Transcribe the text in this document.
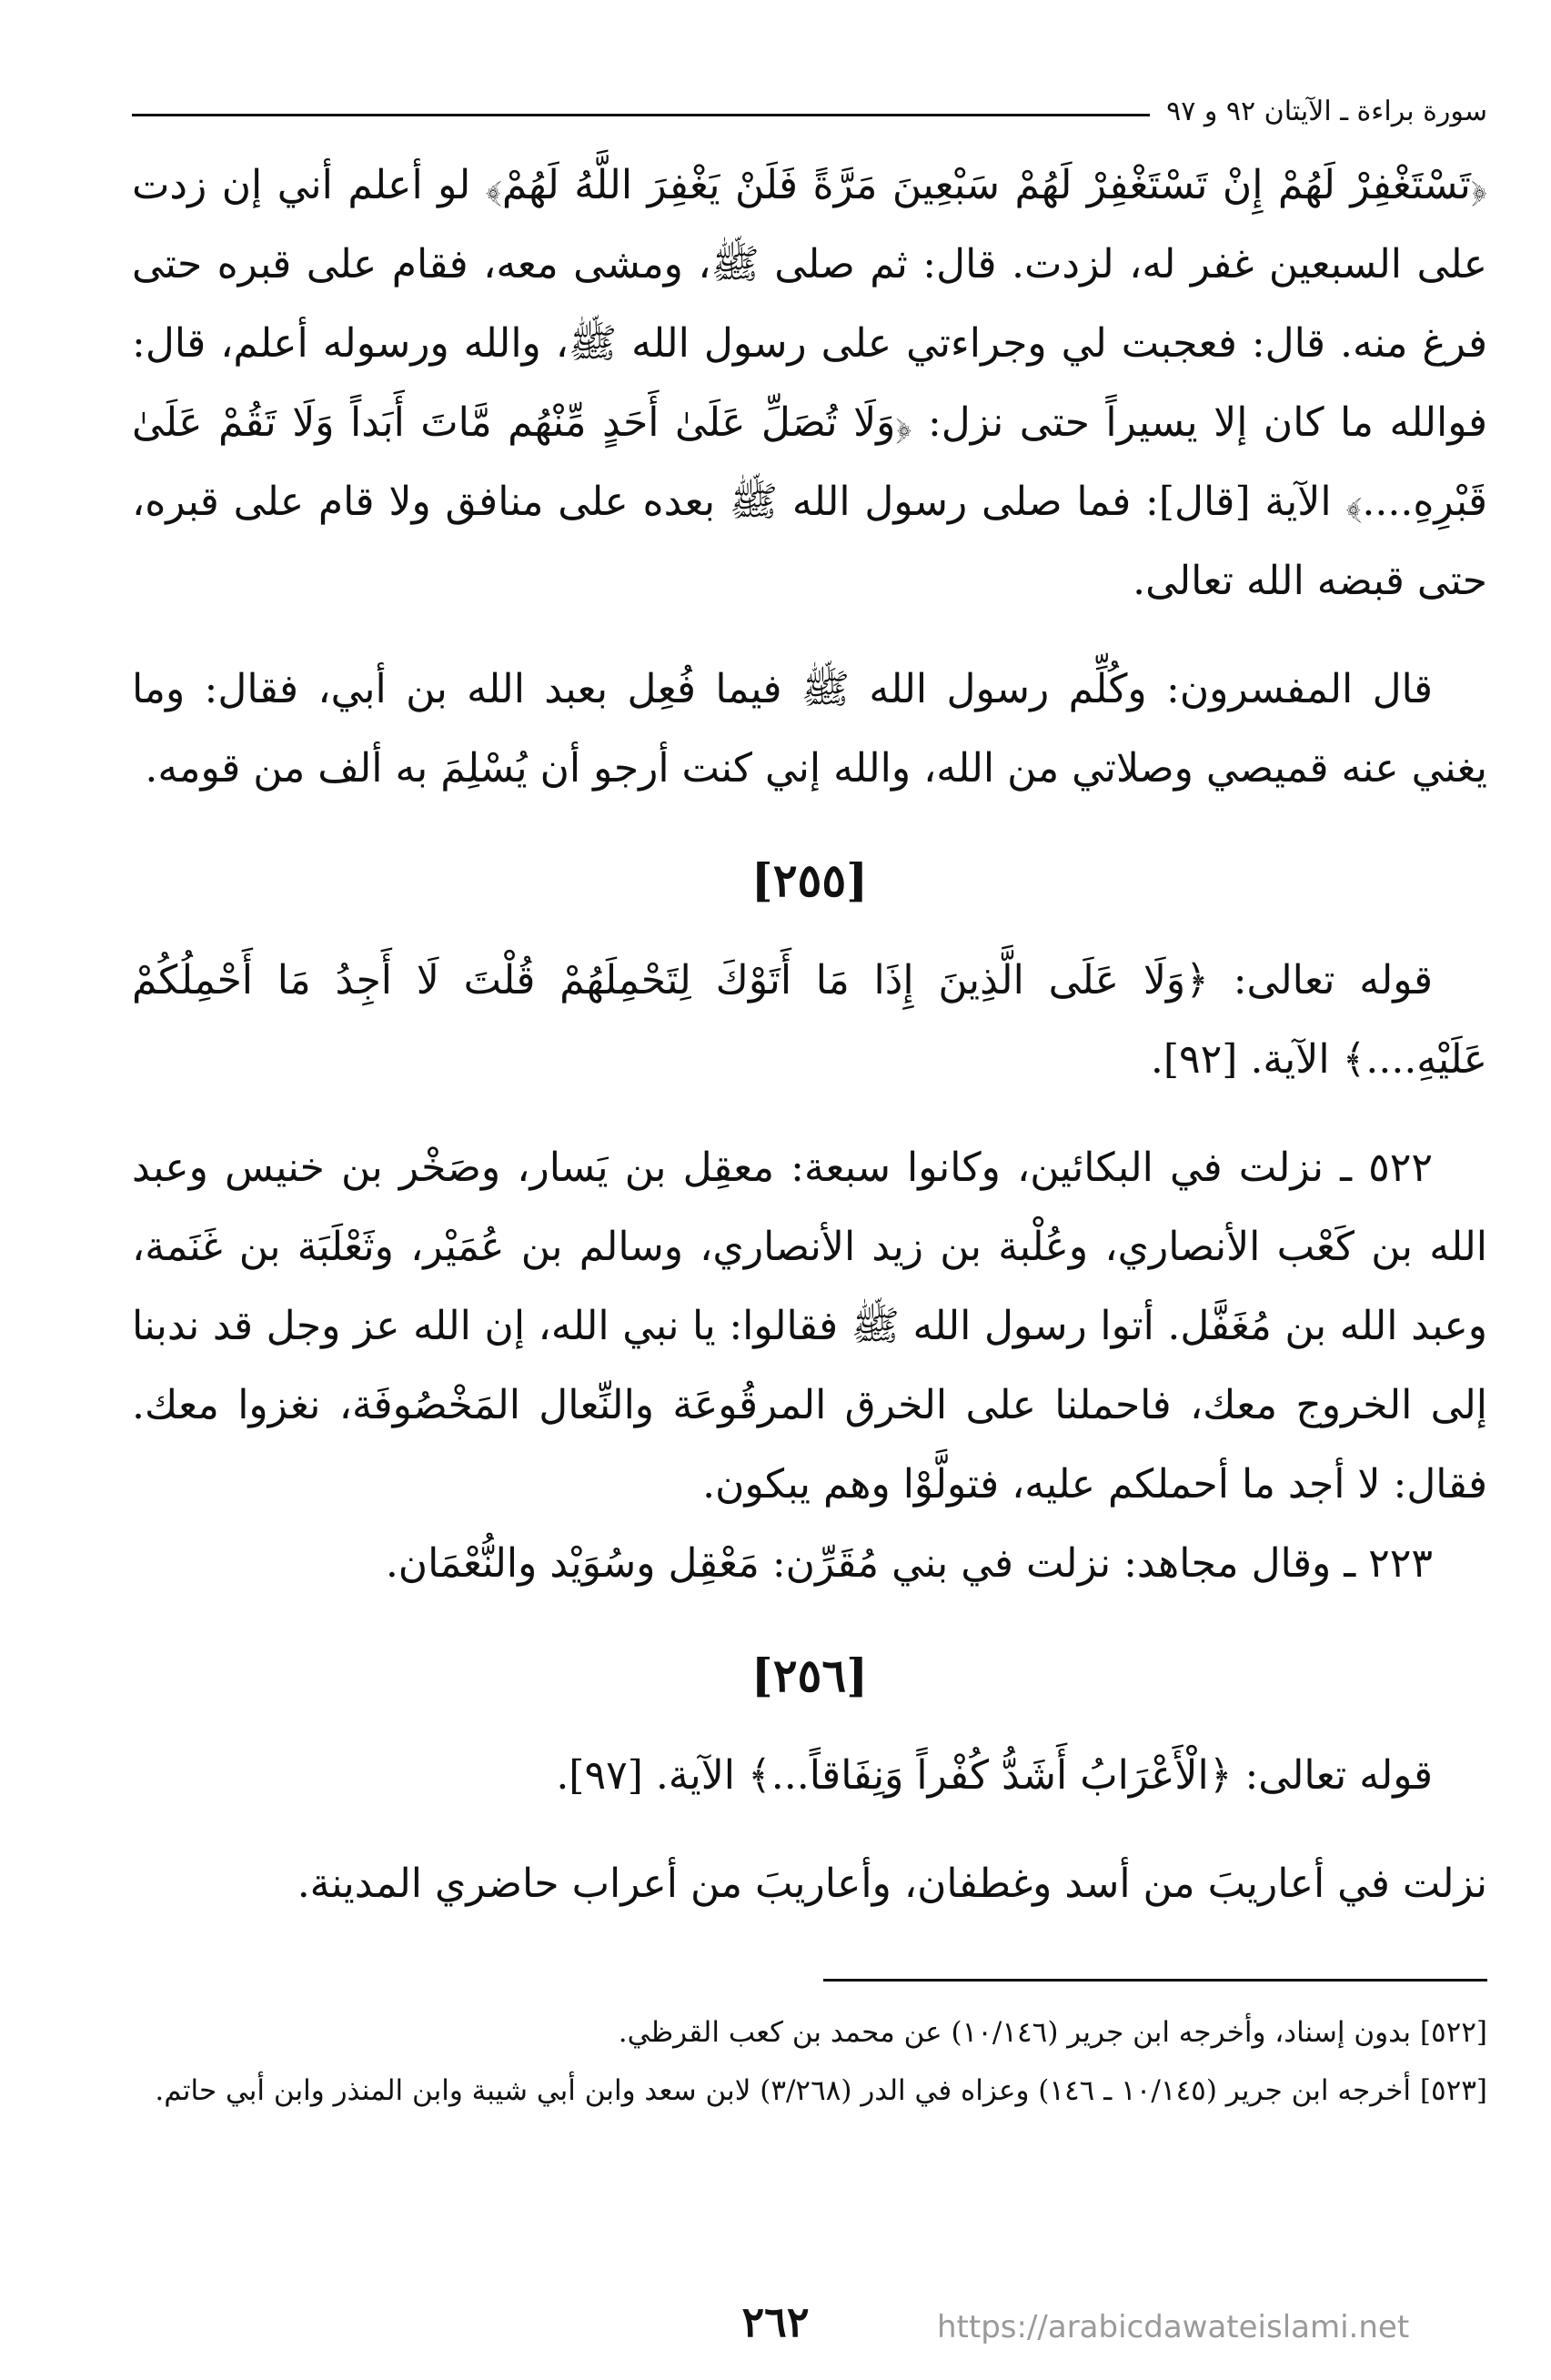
سورة براءة ـ الآيتان ٩٢ و ٩٧

﴿تَسْتَغْفِرْ لَهُمْ إِنْ تَسْتَغْفِرْ لَهُمْ سَبْعِينَ مَرَّةً فَلَنْ يَغْفِرَ اللَّهُ لَهُمْ﴾ لو أعلم أني إن زدت على السبعين غفر له، لزدت. قال: ثم صلى ﷺ، ومشى معه، فقام على قبره حتى فرغ منه. قال: فعجبت لي وجراءتي على رسول الله ﷺ، والله ورسوله أعلم، قال: فوالله ما كان إلا يسيراً حتى نزل: ﴿وَلَا تُصَلِّ عَلَىٰ أَحَدٍ مِّنْهُم مَّاتَ أَبَداً وَلَا تَقُمْ عَلَىٰ قَبْرِهِ....﴾ الآية [قال]: فما صلى رسول الله ﷺ بعده على منافق ولا قام على قبره، حتى قبضه الله تعالى.

قال المفسرون: وكُلِّم رسول الله ﷺ فيما فُعِل بعبد الله بن أبي، فقال: وما يغني عنه قميصي وصلاتي من الله، والله إني كنت أرجو أن يُسْلِمَ به ألف من قومه.

[٢٥٥]

قوله تعالى: ﴿وَلَا عَلَى الَّذِينَ إِذَا مَا أَتَوْكَ لِتَحْمِلَهُمْ قُلْتَ لَا أَجِدُ مَا أَحْمِلُكُمْ عَلَيْهِ....﴾ الآية. [٩٢].

٥٢٢ ـ نزلت في البكائين، وكانوا سبعة: معقِل بن يَسار، وصَخْر بن خنيس وعبد الله بن كَعْب الأنصاري، وعُلْبة بن زيد الأنصاري، وسالم بن عُمَيْر، وثَعْلَبَة بن غَنَمة، وعبد الله بن مُغَفَّل. أتوا رسول الله ﷺ فقالوا: يا نبي الله، إن الله عز وجل قد ندبنا إلى الخروج معك، فاحملنا على الخرق المرقُوعَة والنِّعال المَخْصُوفَة، نغزوا معك. فقال: لا أجد ما أحملكم عليه، فتولَّوْا وهم يبكون.

٢٢٣ ـ وقال مجاهد: نزلت في بني مُقَرِّن: مَعْقِل وسُوَيْد والنُّعْمَان.

[٢٥٦]

قوله تعالى: ﴿الْأَعْرَابُ أَشَدُّ كُفْراً وَنِفَاقاً...﴾ الآية. [٩٧].

نزلت في أعاريبَ من أسد وغطفان، وأعاريبَ من أعراب حاضري المدينة.

[٥٢٢] بدون إسناد، وأخرجه ابن جرير (١٠/١٤٦) عن محمد بن كعب القرظي.

[٥٢٣] أخرجه ابن جرير (١٠/١٤٥ ـ ١٤٦) وعزاه في الدر (٣/٢٦٨) لابن سعد وابن أبي شيبة وابن المنذر وابن أبي حاتم.

٢٦٢	https://arabicdawateislami.net
